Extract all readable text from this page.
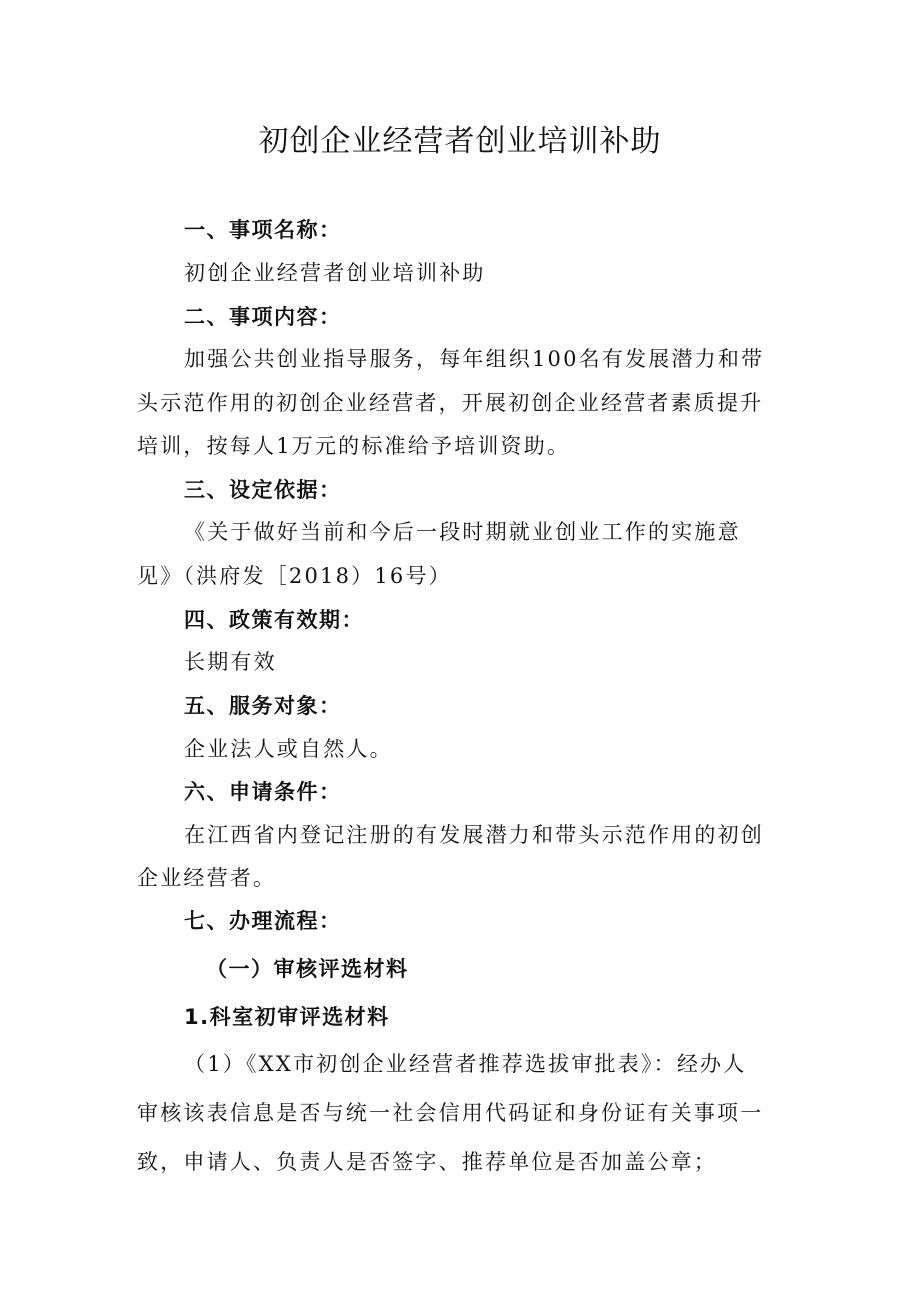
初创企业经营者创业培训补助
一、事项名称：
初创企业经营者创业培训补助
二、事项内容：
加强公共创业指导服务，每年组织100名有发展潜力和带
头示范作用的初创企业经营者，开展初创企业经营者素质提升
培训，按每人1万元的标准给予培训资助。
三、设定依据：
《关于做好当前和今后一段时期就业创业工作的实施意
见》（洪府发［2018）16号）
四、政策有效期：
长期有效
五、服务对象：
企业法人或自然人。
六、申请条件：
在江西省内登记注册的有发展潜力和带头示范作用的初创
企业经营者。
七、办理流程：
（一）审核评选材料
1.科室初审评选材料
（1）《XX市初创企业经营者推荐选拔审批表》：经办人
审核该表信息是否与统一社会信用代码证和身份证有关事项一
致，申请人、负责人是否签字、推荐单位是否加盖公章；
